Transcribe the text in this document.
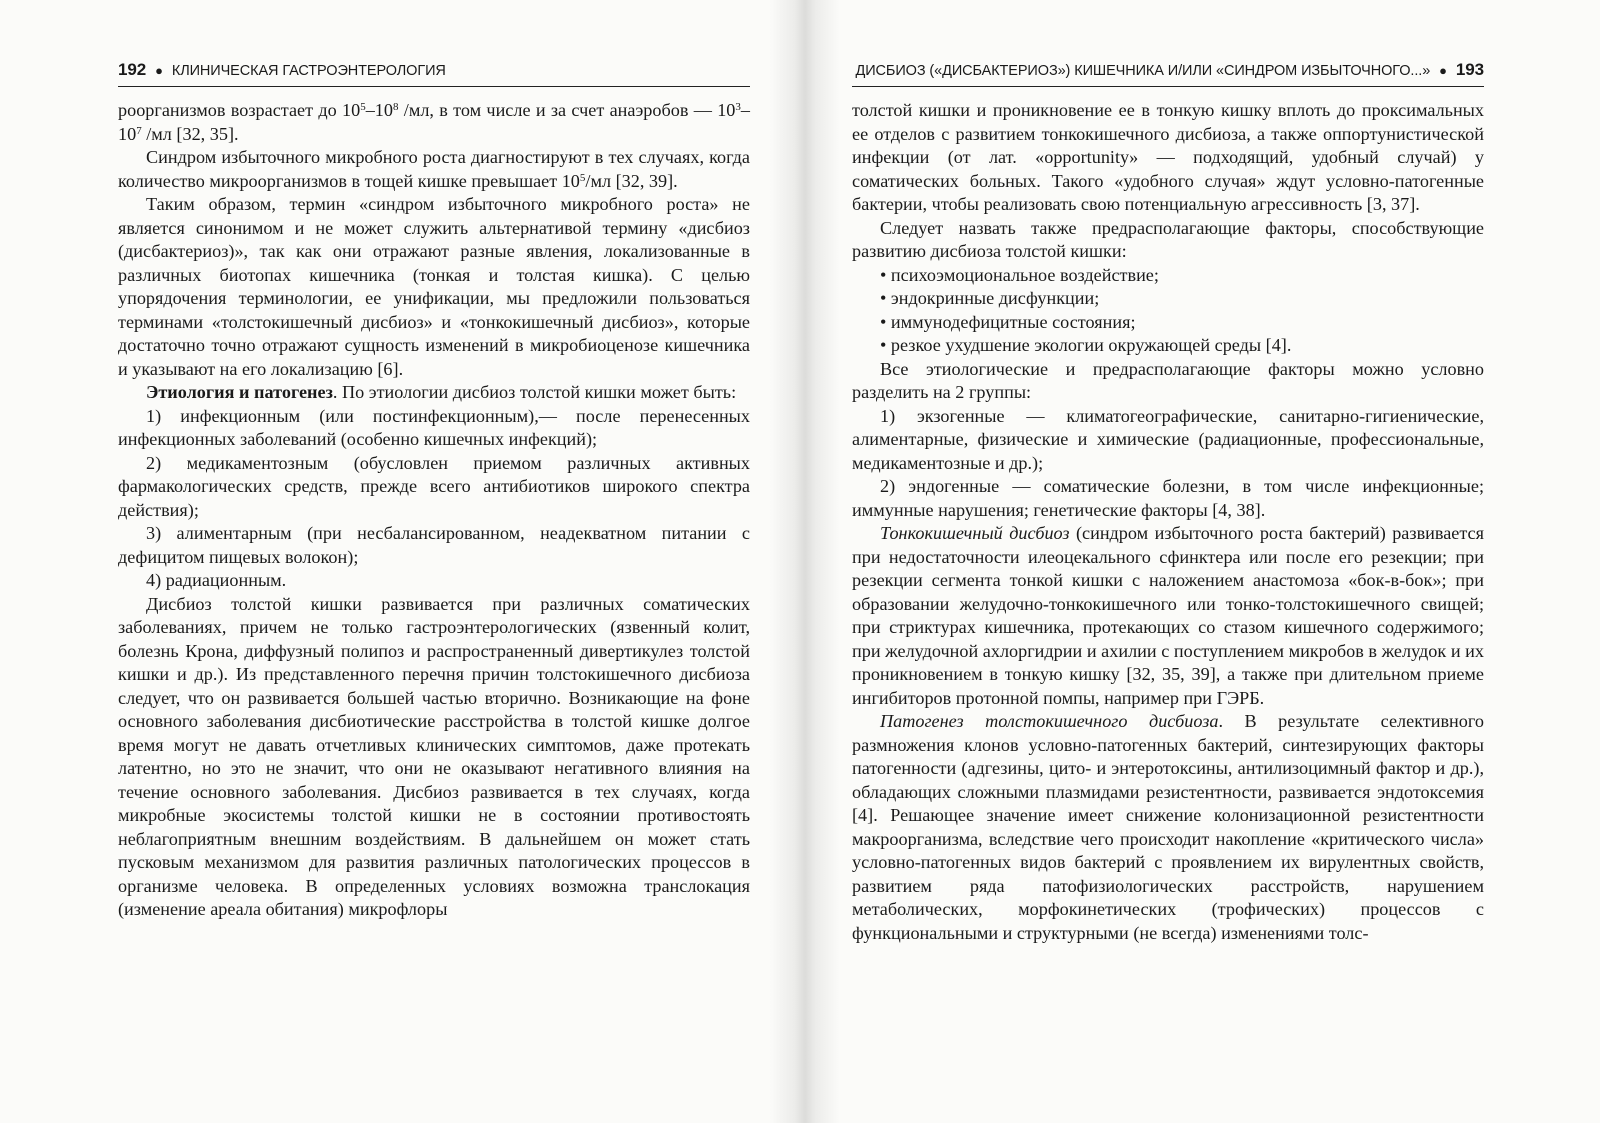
192 ● КЛИНИЧЕСКАЯ ГАСТРОЭНТЕРОЛОГИЯ

роорганизмов возрастает до $10^5-10^8$ /мл, в том числе и за счет анаэробов — $10^3-10^7$ /мл [32, 35].

Синдром избыточного микробного роста диагностируют в тех случаях, когда количество микроорганизмов в тощей кишке превышает $10^5/мл$ [32, 39].

Таким образом, термин «синдром избыточного микробного роста» не является синонимом и не может служить альтернативой термину «дисбиоз (дисбактериоз)», так как они отражают разные явления, локализованные в различных биотопах кишечника (тонкая и толстая кишка). С целью упорядочения терминологии, ее унификации, мы предложили пользоваться терминами «толстокишечный дисбиоз» и «тонкокишечный дисбиоз», которые достаточно точно отражают сущность изменений в микробиоценозе кишечника и указывают на его локализацию [6].

Этиология и патогенез. По этиологии дисбиоз толстой кишки может быть:

1) инфекционным (или постинфекционным),— после перенесенных инфекционных заболеваний (особенно кишечных инфекций);

2) медикаментозным (обусловлен приемом различных активных фармакологических средств, прежде всего антибиотиков широкого спектра действия);

3) алиментарным (при несбалансированном, неадекватном питании с дефицитом пищевых волокон);

4) радиационным.

Дисбиоз толстой кишки развивается при различных соматических заболеваниях, причем не только гастроэнтерологических (язвенный колит, болезнь Крона, диффузный полипоз и распространенный дивертикулез толстой кишки и др.). Из представленного перечня причин толстокишечного дисбиоза следует, что он развивается большей частью вторично. Возникающие на фоне основного заболевания дисбиотические расстройства в толстой кишке долгое время могут не давать отчетливых клинических симптомов, даже протекать латентно, но это не значит, что они не оказывают негативного влияния на течение основного заболевания. Дисбиоз развивается в тех случаях, когда микробные экосистемы толстой кишки не в состоянии противостоять неблагоприятным внешним воздействиям. В дальнейшем он может стать пусковым механизмом для развития различных патологических процессов в организме человека. В определенных условиях возможна транслокация (изменение ареала обитания) микрофлоры

ДИСБИОЗ («ДИСБАКТЕРИОЗ») КИШЕЧНИКА И/ИЛИ «СИНДРОМ ИЗБЫТОЧНОГО...» ● 193

толстой кишки и проникновение ее в тонкую кишку вплоть до проксимальных ее отделов с развитием тонкокишечного дисбиоза, а также оппортунистической инфекции (от лат. «opportunity» — подходящий, удобный случай) у соматических больных. Такого «удобного случая» ждут условно-патогенные бактерии, чтобы реализовать свою потенциальную агрессивность [3, 37].

Следует назвать также предрасполагающие факторы, способствующие развитию дисбиоза толстой кишки:

• психоэмоциональное воздействие;
• эндокринные дисфункции;
• иммунодефицитные состояния;
• резкое ухудшение экологии окружающей среды [4].

Все этиологические и предрасполагающие факторы можно условно разделить на 2 группы:

1) экзогенные — климатогеографические, санитарно-гигиенические, алиментарные, физические и химические (радиационные, профессиональные, медикаментозные и др.);

2) эндогенные — соматические болезни, в том числе инфекционные; иммунные нарушения; генетические факторы [4, 38].

Тонкокишечный дисбиоз (синдром избыточного роста бактерий) развивается при недостаточности илеоцекального сфинктера или после его резекции; при резекции сегмента тонкой кишки с наложением анастомоза «бок-в-бок»; при образовании желудочно-тонкокишечного или тонко-толстокишечного свищей; при стриктурах кишечника, протекающих со стазом кишечного содержимого; при желудочной ахлоргидрии и ахилии с поступлением микробов в желудок и их проникновением в тонкую кишку [32, 35, 39], а также при длительном приеме ингибиторов протонной помпы, например при ГЭРБ.

Патогенез толстокишечного дисбиоза. В результате селективного размножения клонов условно-патогенных бактерий, синтезирующих факторы патогенности (адгезины, цито- и энтеротоксины, антилизоцимный фактор и др.), обладающих сложными плазмидами резистентности, развивается эндотоксемия [4]. Решающее значение имеет снижение колонизационной резистентности макроорганизма, вследствие чего происходит накопление «критического числа» условно-патогенных видов бактерий с проявлением их вирулентных свойств, развитием ряда патофизиологических расстройств, нарушением метаболических, морфокинетических (трофических) процессов с функциональными и структурными (не всегда) изменениями толс-
